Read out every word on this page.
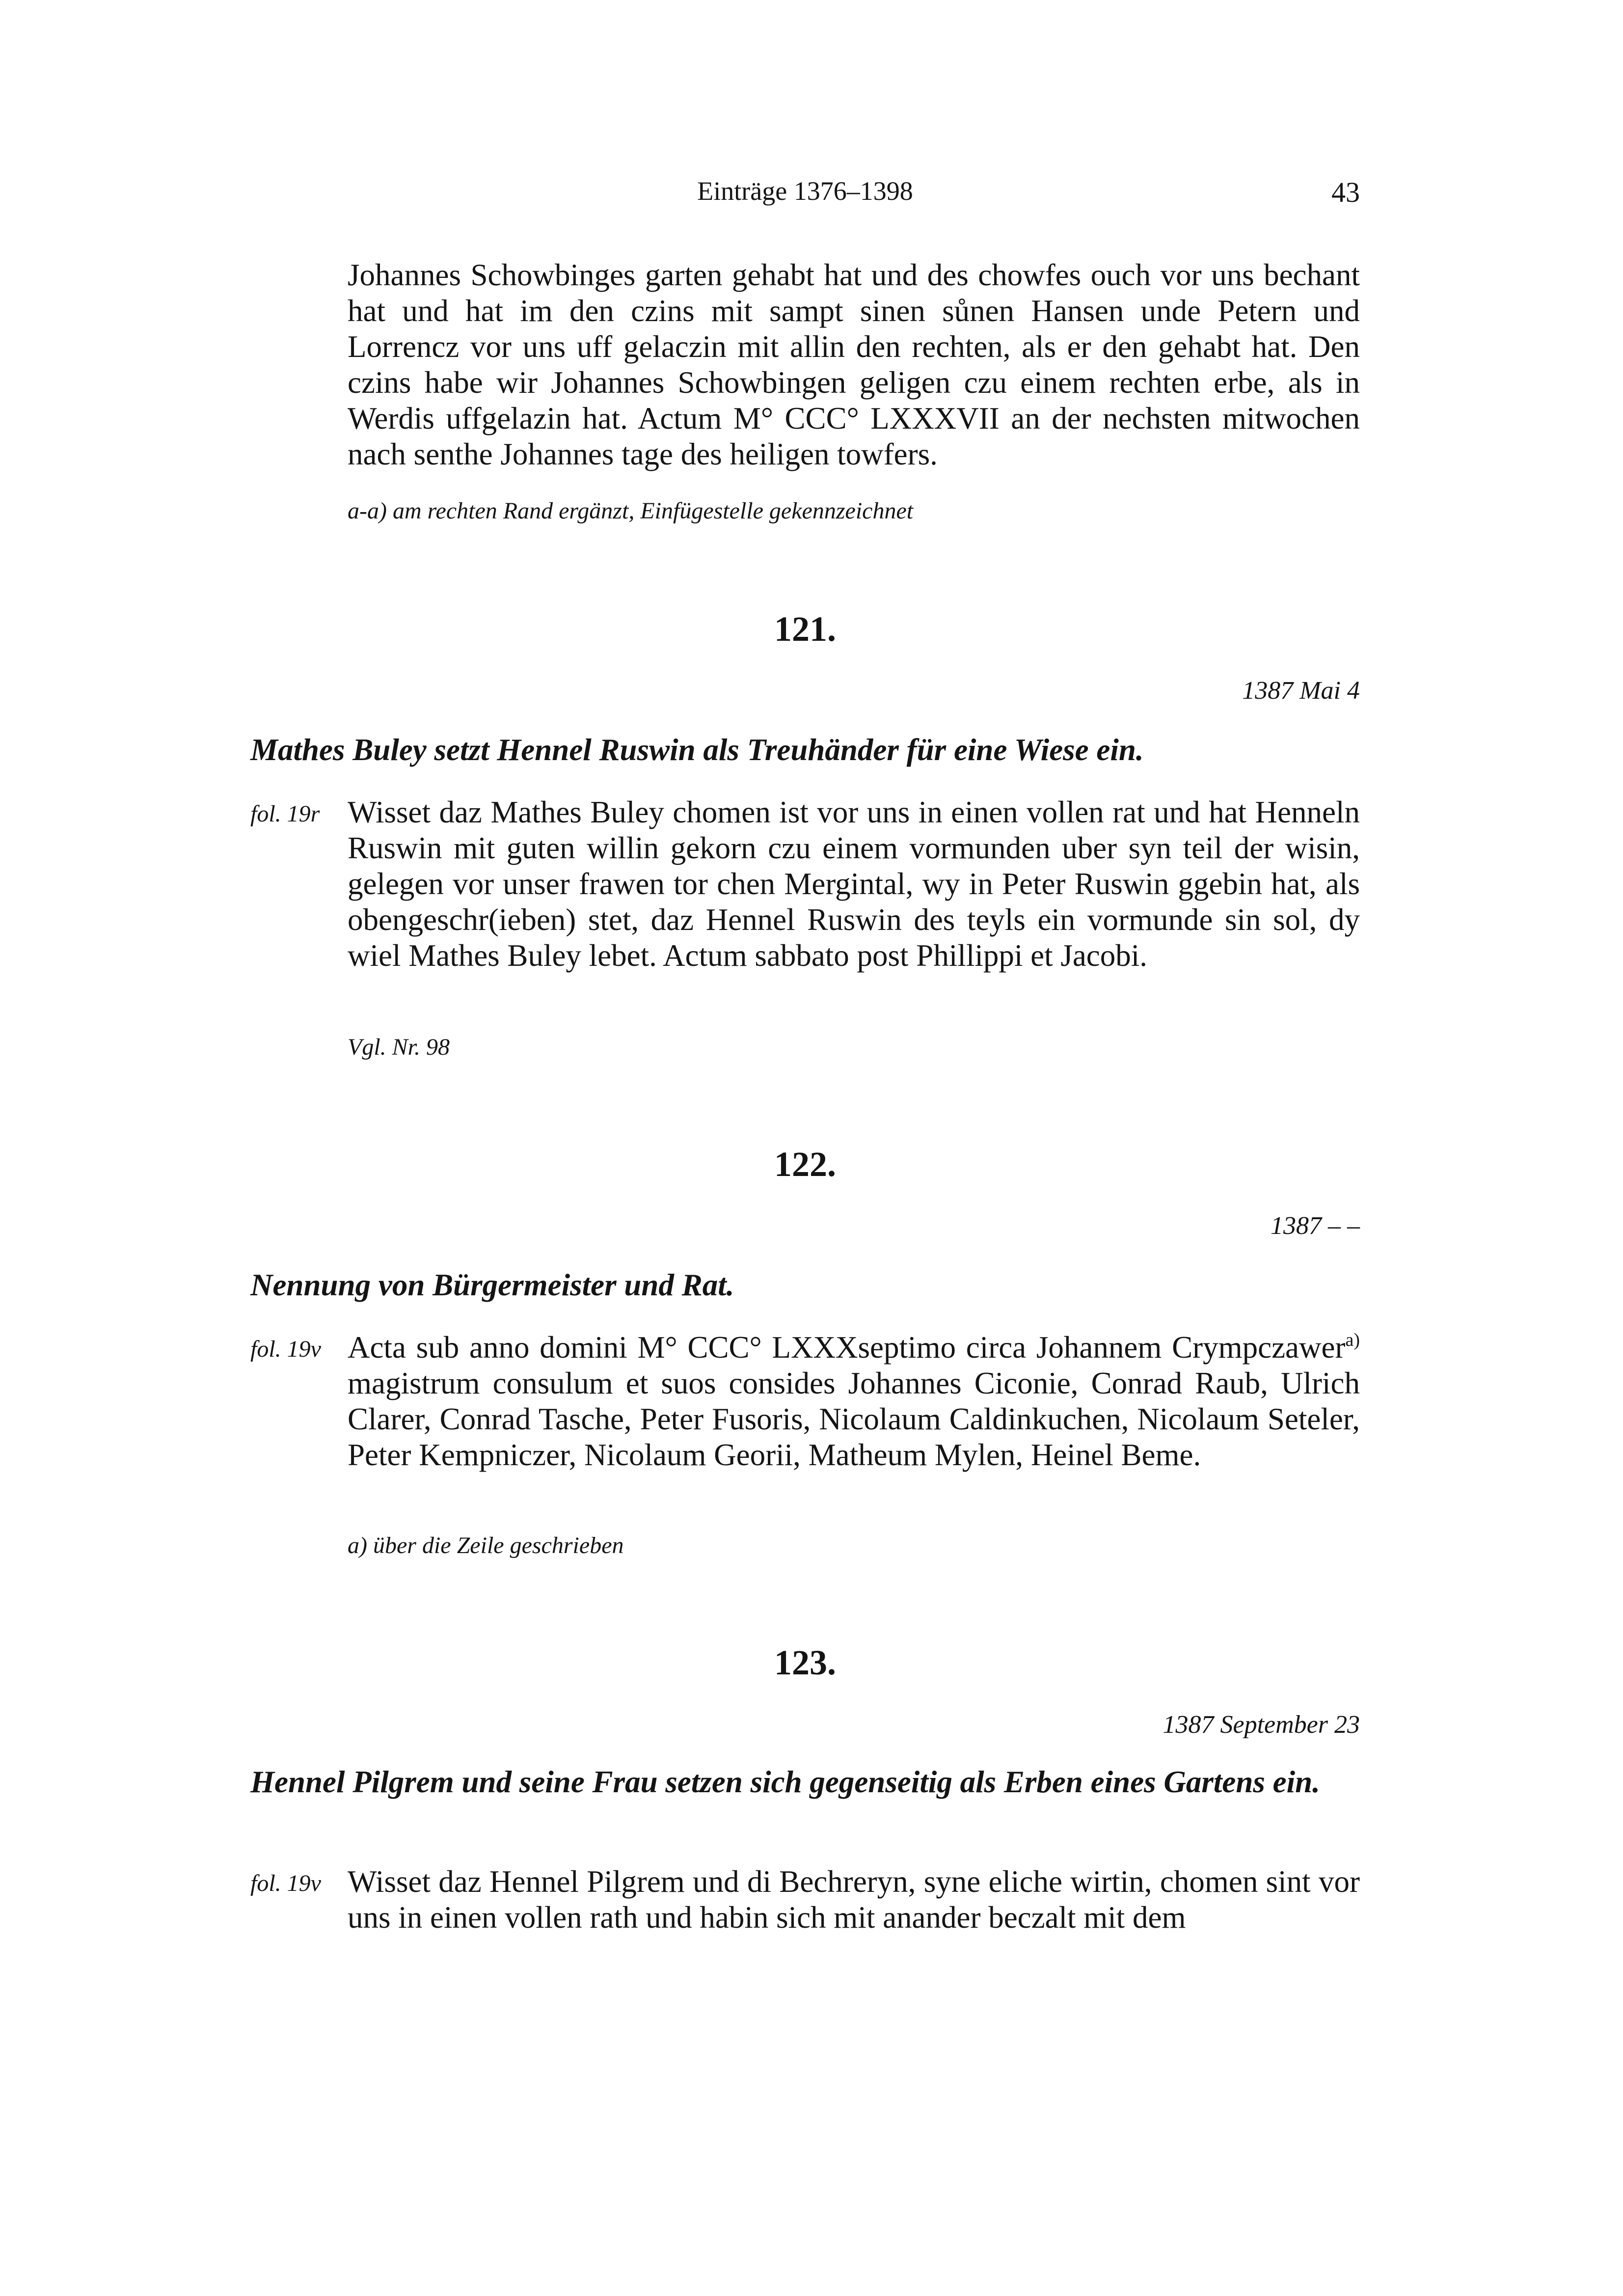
Einträge 1376–1398	43
Johannes Schowbinges garten gehabt hat und des chowfes ouch vor uns bechant hat und hat im den czins mit sampt sinen sůnen Hansen unde Petern und Lorrencz vor uns uff gelaczin mit allin den rechten, als er den gehabt hat. Den czins habe wir Johannes Schowbingen geligen czu einem rechten erbe, als in Werdis uffgelazin hat. Actum M° CCC° LXXXVII an der nechsten mitwochen nach senthe Johannes tage des heiligen towfers.
a-a) am rechten Rand ergänzt, Einfügestelle gekennzeichnet
121.
1387 Mai 4
Mathes Buley setzt Hennel Ruswin als Treuhänder für eine Wiese ein.
fol. 19r Wisset daz Mathes Buley chomen ist vor uns in einen vollen rat und hat Henneln Ruswin mit guten willin gekorn czu einem vormunden uber syn teil der wisin, gelegen vor unser frawen tor chen Mergintal, wy in Peter Ruswin ggebin hat, als obengeschr(ieben) stet, daz Hennel Ruswin des teyls ein vormunde sin sol, dy wiel Mathes Buley lebet. Actum sabbato post Phillippi et Jacobi.
Vgl. Nr. 98
122.
1387 – –
Nennung von Bürgermeister und Rat.
fol. 19v Acta sub anno domini M° CCC° LXXXseptimo circa Johannem Crympczawer$^{a)}$ magistrum consulum et suos consides Johannes Ciconie, Conrad Raub, Ulrich Clarer, Conrad Tasche, Peter Fusoris, Nicolaum Caldinkuchen, Nicolaum Seteler, Peter Kempniczer, Nicolaum Georii, Matheum Mylen, Heinel Beme.
a) über die Zeile geschrieben
123.
1387 September 23
Hennel Pilgrem und seine Frau setzen sich gegenseitig als Erben eines Gartens ein.
fol. 19v Wisset daz Hennel Pilgrem und di Bechreryn, syne eliche wirtin, chomen sint vor uns in einen vollen rath und habin sich mit anander beczalt mit dem
